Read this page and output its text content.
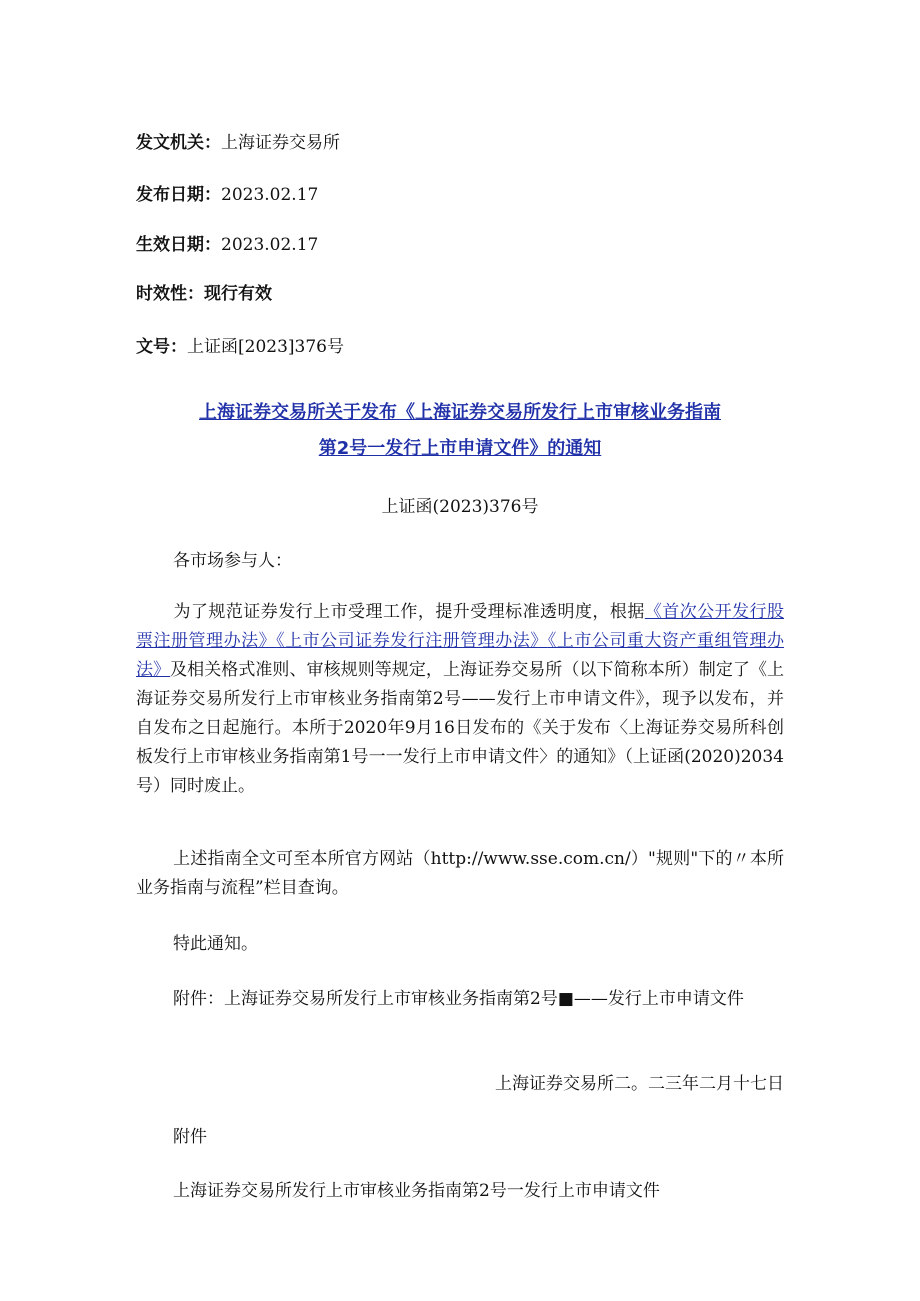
发文机关：上海证券交易所
发布日期：2023.02.17
生效日期：2023.02.17
时效性：现行有效
文号：上证函[2023]376号
上海证券交易所关于发布《上海证券交易所发行上市审核业务指南
第2号一发行上市申请文件》的通知
上证函(2023)376号
各市场参与人：
为了规范证券发行上市受理工作，提升受理标准透明度，根据《首次公开发行股票注册管理办法》《上市公司证券发行注册管理办法》《上市公司重大资产重组管理办法》及相关格式准则、审核规则等规定，上海证券交易所（以下简称本所）制定了《上海证券交易所发行上市审核业务指南第2号——发行上市申请文件》，现予以发布，并自发布之日起施行。本所于2020年9月16日发布的《关于发布〈上海证券交易所科创板发行上市审核业务指南第1号一一发行上市申请文件〉的通知》（上证函(2020)2034号）同时废止。
上述指南全文可至本所官方网站（http://www.sse.com.cn/）"规则"下的〃本所业务指南与流程”栏目查询。
特此通知。
附件：上海证券交易所发行上市审核业务指南第2号■——发行上市申请文件
上海证券交易所二。二三年二月十七日
附件
上海证券交易所发行上市审核业务指南第2号一发行上市申请文件
